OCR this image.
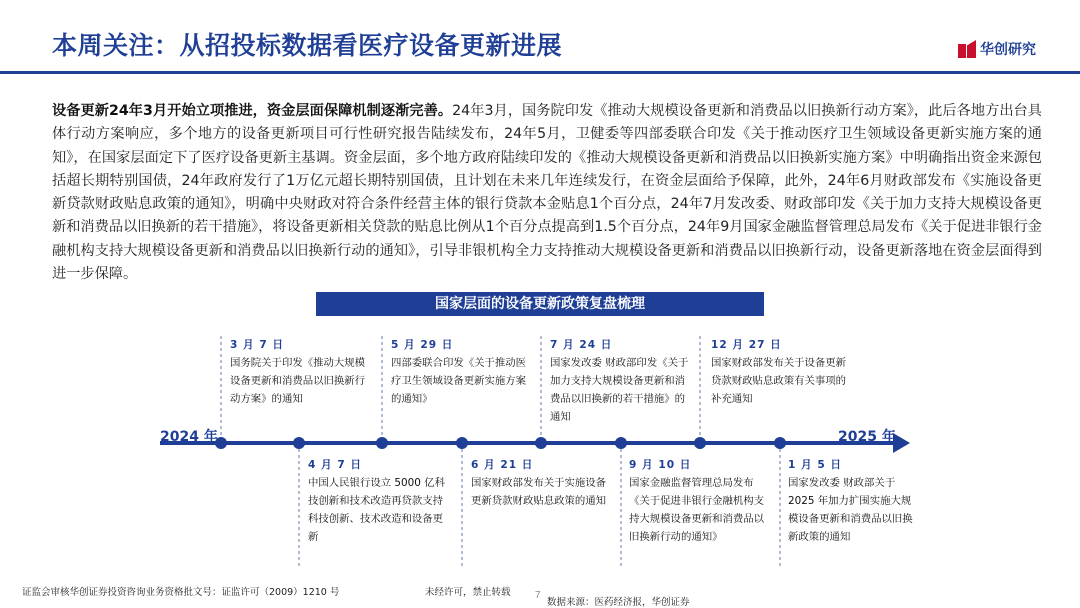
本周关注：从招投标数据看医疗设备更新进展	华创研究
设备更新24年3月开始立项推进，资金层面保障机制逐渐完善。24年3月，国务院印发《推动大规模设备更新和消费品以旧换新行动方案》，此后各地方出台具体行动方案响应，多个地方的设备更新项目可行性研究报告陆续发布，24年5月，卫健委等四部委联合印发《关于推动医疗卫生领域设备更新实施方案的通知》，在国家层面定下了医疗设备更新主基调。资金层面，多个地方政府陆续印发的《推动大规模设备更新和消费品以旧换新实施方案》中明确指出资金来源包括超长期特别国债，24年政府发行了1万亿元超长期特别国债，且计划在未来几年连续发行，在资金层面给予保障，此外，24年6月财政部发布《实施设备更新贷款财政贴息政策的通知》，明确中央财政对符合条件经营主体的银行贷款本金贴息1个百分点，24年7月发改委、财政部印发《关于加力支持大规模设备更新和消费品以旧换新的若干措施》，将设备更新相关贷款的贴息比例从1个百分点提高到1.5个百分点，24年9月国家金融监督管理总局发布《关于促进非银行金融机构支持大规模设备更新和消费品以旧换新行动的通知》，引导非银机构全力支持推动大规模设备更新和消费品以旧换新行动，设备更新落地在资金层面得到进一步保障。
国家层面的设备更新政策复盘梳理
2024 年	2025 年
3 月 7 日
国务院关于印发《推动大规模设备更新和消费品以旧换新行动方案》的通知
5 月 29 日
四部委联合印发《关于推动医疗卫生领域设备更新实施方案的通知》
7 月 24 日
国家发改委 财政部印发《关于加力支持大规模设备更新和消费品以旧换新的若干措施》的通知
12 月 27 日
国家财政部发布关于设备更新贷款财政贴息政策有关事项的补充通知
4 月 7 日
中国人民银行设立 5000 亿科技创新和技术改造再贷款支持科技创新、技术改造和设备更新
6 月 21 日
国家财政部发布关于实施设备更新贷款财政贴息政策的通知
9 月 10 日
国家金融监督管理总局发布《关于促进非银行金融机构支持大规模设备更新和消费品以旧换新行动的通知》
1 月 5 日
国家发改委 财政部关于 2025 年加力扩围实施大规模设备更新和消费品以旧换新政策的通知
证监会审核华创证券投资咨询业务资格批文号：证监许可（2009）1210 号	未经许可，禁止转载 7
数据来源：医药经济报，华创证券
